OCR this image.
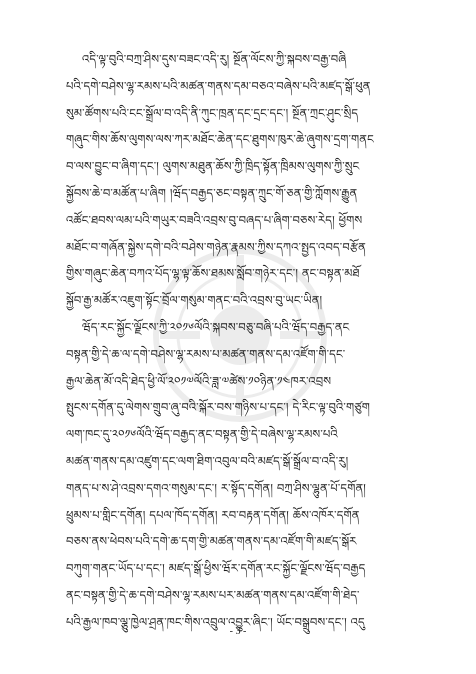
འདི་ལྟ་བུའི་བཀྲ་ཤིས་དུས་བཟང་འདི་རུ། སྔོན་ལོངས་ཀྱི་སྐབས་བརྒྱ་བཞི
པའི་དགེ་བཤེས་ལྷ་རམས་པའི་མཚན་གནས་དམ་བཅའ་བཞེས་པའི་མཛད་སྒོ་ཕུན
སུམ་ཚོགས་པའི་ངང་སྒྲོལ་བ་འདི་ནི་ཀུང་ཁྲན་དང་དྲང་དང་། སྔོན་ཀྲང་ཤུང་སྲིད
གཞུང་གིས་ཆོས་ལུགས་ལས་ཀར་མཐོང་ཆེན་དང་ཐུགས་ཁུར་ཆེ་ཞུགས་དྲག་གནང
བ་ལས་བྱུང་བ་ཞིག་དང་། ལུགས་མཐུན་ཆོས་ཀྱི་ཁྲིད་སྟོན་ཁྲིམས་ལུགས་ཀྱི་སྲུང
སྐྱོབས་ཆེ་བ་མཚོན་པ་ཞིག །ཝོད་བརྒྱད་ཅང་བསྟན་ཀྲུང་གོ་ཅན་གྱི་ཀློགས་རྒྱུན
འཚོང་ཐབས་ལམ་པའི་གཡུར་བཟའི་འབྲས་བུ་བཞད་པ་ཞིག་བཅས་རེད། ཕྱོགས
མཐོང་བ་གཞོན་སྐྱེས་དགེ་བའི་བཤེས་གཉེན་རྣམས་ཀྱིས་དཀའ་སྤྱད་འབད་བརྩོན
གྱིས་གཞུང་ཆེན་བཀའ་པོད་ལྷ་ལྟ་ཆོས་ཐམས་སློབ་གཉེར་དང་། ནང་བསྟན་མཐོ
སྐྱོབ་རྒྱ་མཚོར་འཇུག་སྟོང་བྲོལ་གསུམ་གནང་བའི་འབྲས་བུ་ཡང་ཡིན།
ཝོད་རང་སྐྱོང་ལྗོངས་ཀྱི་༢༠༡༦ལོའི་སྐབས་བཅུ་བཞི་པའི་ཝོད་བརྒྱད་ནང
བསྟན་གྱི་དེ་ཆ་ལ་དགེ་བཤེས་ལྷ་རམས་པ་མཚན་གནས་དམ་འཛོག་གི་དང་
རྒྱལ་ཆེན་མོ་འདི་ཐེད་ཕྱི་ལོ་༢༠༡༧ལོའི་ཟླ་༧ཚེས་༡༠ཉིན་༡༤ཁར་འབྲས
སྤུངས་དགོན་དུ་ལེགས་གྲུབ་ཞུ་བའི་སྐོར་བས་གཉིས་པ་དང་། དེ་རིང་ལྟ་བུའི་གཙུག
ལག་ཁང་དུ་༢༠༡༦ལོའི་ཝོད་བརྒྱད་ནང་བསྟན་གྱི་དེ་བཞེས་ལྷ་རམས་པའི
མཚན་གནས་དམ་འཛུག་དང་ལག་ཐིག་འབུལ་བའི་མཛད་སྒོ་སྒྲོལ་བ་འདི་རུ།
གནད་པ་ས་ཤེ་འབྲས་དགའ་གསུམ་དང་། ར་སྟོད་དགོན། བཀྲ་ཤིས་ལྷུན་པོ་དགོན།
ཕྲུམས་པ་གླིང་དགོན། དཔལ་ཁོད་དགོན། རབ་བརྟན་དགོན། ཆོས་འཁོར་དགོན
བཅས་ནས་ཕེབས་པའི་དགེ་ཆ་དག་གྱི་མཚན་གནས་དམ་འཛོག་གི་མཛད་སྒོར
བཀུག་གནང་ཡོད་པ་དང་། མཛད་སྒོ་ཕྱིས་ཝོར་དགོན་རང་སྐྱོང་ལྗོངས་ཝོད་བརྒྱད
ནང་བསྟན་གྱི་དེ་ཆ་དགེ་བཤེས་ལྷ་རམས་པར་མཚན་གནས་དམ་འཛོག་གི་ཐེད་
པའི་རྒྱལ་ཁབ་ལྕུ་ཁྱེལ་ཤྲན་ཁང་གིས་འབྲུལ་འབྱུར་ཞིང་། ཡོང་བསྒྲུབས་དང་། འདུ
- 3 -
